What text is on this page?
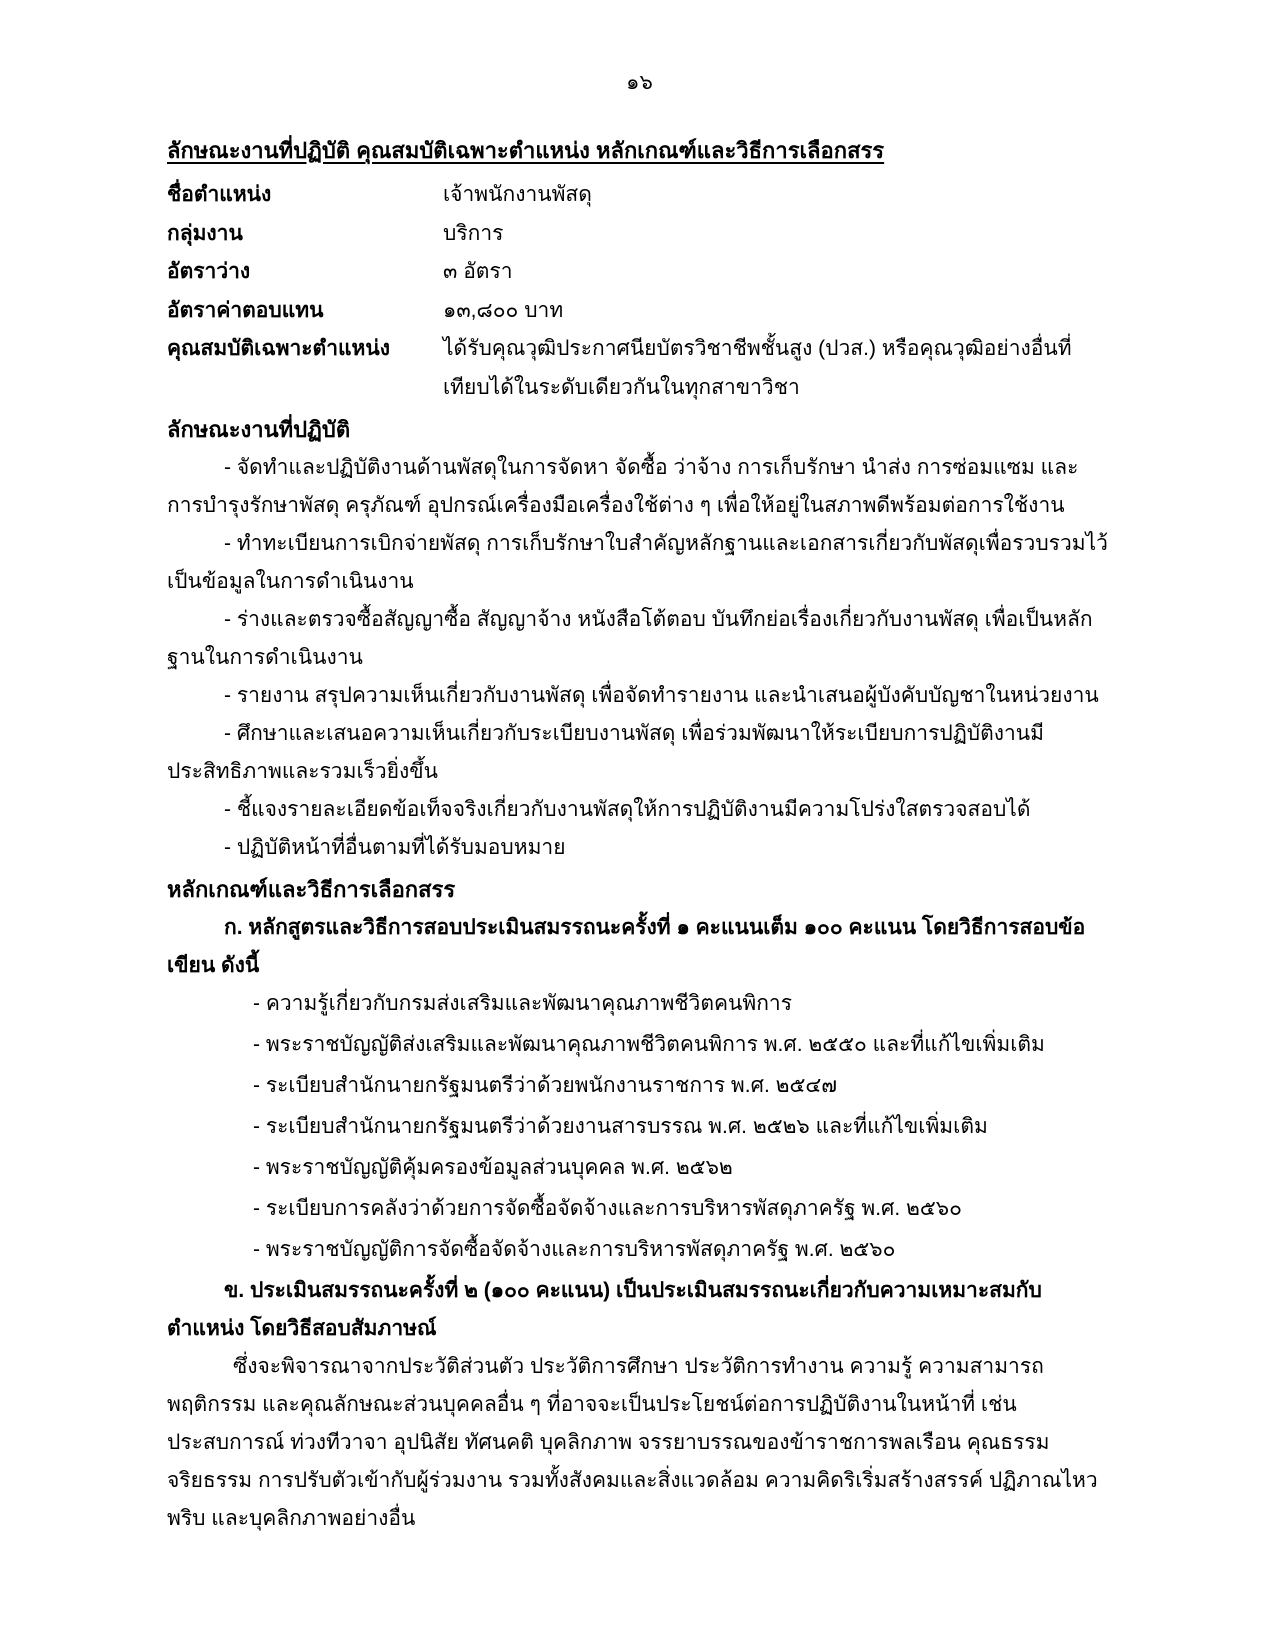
๑๖
ลักษณะงานที่ปฏิบัติ คุณสมบัติเฉพาะตำแหน่ง หลักเกณฑ์และวิธีการเลือกสรร
ชื่อตำแหน่ง	เจ้าพนักงานพัสดุ
กลุ่มงาน	บริการ
อัตราว่าง	๓ อัตรา
อัตราค่าตอบแทน	๑๓,๘๐๐ บาท
คุณสมบัติเฉพาะตำแหน่ง	ได้รับคุณวุฒิประกาศนียบัตรวิชาชีพชั้นสูง (ปวส.) หรือคุณวุฒิอย่างอื่นที่เทียบได้ในระดับเดียวกันในทุกสาขาวิชา
ลักษณะงานที่ปฏิบัติ

- จัดทำและปฏิบัติงานด้านพัสดุในการจัดหา จัดซื้อ ว่าจ้าง การเก็บรักษา นำส่ง การซ่อมแซม และการบำรุงรักษาพัสดุ ครุภัณฑ์ อุปกรณ์เครื่องมือเครื่องใช้ต่าง ๆ เพื่อให้อยู่ในสภาพดีพร้อมต่อการใช้งาน

- ทำทะเบียนการเบิกจ่ายพัสดุ การเก็บรักษาใบสำคัญหลักฐานและเอกสารเกี่ยวกับพัสดุเพื่อรวบรวมไว้เป็นข้อมูลในการดำเนินงาน

- ร่างและตรวจซื้อสัญญาซื้อ สัญญาจ้าง หนังสือโต้ตอบ บันทึกย่อเรื่องเกี่ยวกับงานพัสดุ เพื่อเป็นหลักฐานในการดำเนินงาน

- รายงาน สรุปความเห็นเกี่ยวกับงานพัสดุ เพื่อจัดทำรายงาน และนำเสนอผู้บังคับบัญชาในหน่วยงาน

- ศึกษาและเสนอความเห็นเกี่ยวกับระเบียบงานพัสดุ เพื่อร่วมพัฒนาให้ระเบียบการปฏิบัติงานมีประสิทธิภาพและรวมเร็วยิ่งขึ้น

- ชี้แจงรายละเอียดข้อเท็จจริงเกี่ยวกับงานพัสดุให้การปฏิบัติงานมีความโปร่งใสตรวจสอบได้

- ปฏิบัติหน้าที่อื่นตามที่ได้รับมอบหมาย

หลักเกณฑ์และวิธีการเลือกสรร

ก. หลักสูตรและวิธีการสอบประเมินสมรรถนะครั้งที่ ๑ คะแนนเต็ม ๑๐๐ คะแนน โดยวิธีการสอบข้อเขียน ดังนี้

- ความรู้เกี่ยวกับกรมส่งเสริมและพัฒนาคุณภาพชีวิตคนพิการ

- พระราชบัญญัติส่งเสริมและพัฒนาคุณภาพชีวิตคนพิการ พ.ศ. ๒๕๕๐ และที่แก้ไขเพิ่มเติม

- ระเบียบสำนักนายกรัฐมนตรีว่าด้วยพนักงานราชการ พ.ศ. ๒๕๔๗

- ระเบียบสำนักนายกรัฐมนตรีว่าด้วยงานสารบรรณ พ.ศ. ๒๕๒๖ และที่แก้ไขเพิ่มเติม

- พระราชบัญญัติคุ้มครองข้อมูลส่วนบุคคล พ.ศ. ๒๕๖๒

- ระเบียบการคลังว่าด้วยการจัดซื้อจัดจ้างและการบริหารพัสดุภาครัฐ พ.ศ. ๒๕๖๐

- พระราชบัญญัติการจัดซื้อจัดจ้างและการบริหารพัสดุภาครัฐ พ.ศ. ๒๕๖๐

ข. ประเมินสมรรถนะครั้งที่ ๒ (๑๐๐ คะแนน) เป็นประเมินสมรรถนะเกี่ยวกับความเหมาะสมกับตำแหน่ง โดยวิธีสอบสัมภาษณ์

ซึ่งจะพิจารณาจากประวัติส่วนตัว ประวัติการศึกษา ประวัติการทำงาน ความรู้ ความสามารถ พฤติกรรม และคุณลักษณะส่วนบุคคลอื่น ๆ ที่อาจจะเป็นประโยชน์ต่อการปฏิบัติงานในหน้าที่ เช่น ประสบการณ์ ท่วงทีวาจา อุปนิสัย ทัศนคติ บุคลิกภาพ จรรยาบรรณของข้าราชการพลเรือน คุณธรรม จริยธรรม การปรับตัวเข้ากับผู้ร่วมงาน รวมทั้งสังคมและสิ่งแวดล้อม ความคิดริเริ่มสร้างสรรค์ ปฏิภาณไหวพริบ และบุคลิกภาพอย่างอื่น
